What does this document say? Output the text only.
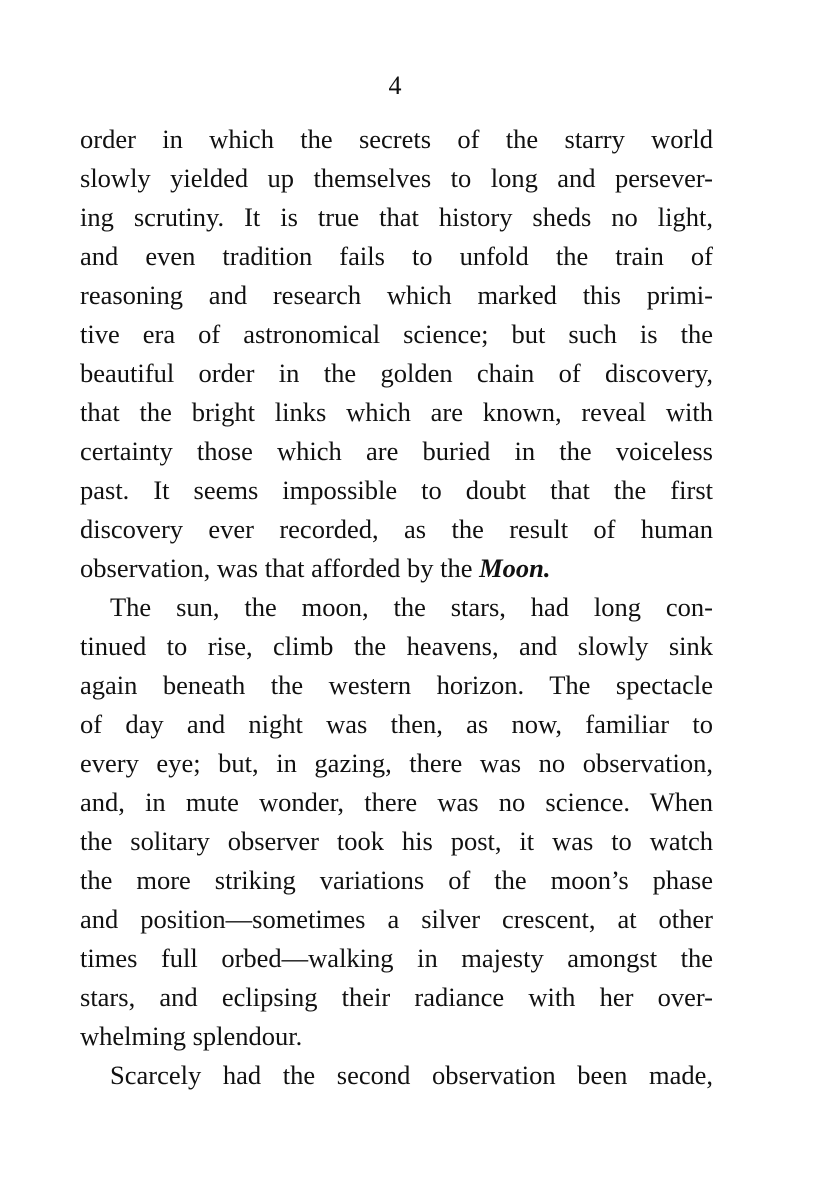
4
order in which the secrets of the starry world
slowly yielded up themselves to long and persever-
ing scrutiny. It is true that history sheds no light,
and even tradition fails to unfold the train of
reasoning and research which marked this primi-
tive era of astronomical science; but such is the
beautiful order in the golden chain of discovery,
that the bright links which are known, reveal with
certainty those which are buried in the voiceless
past. It seems impossible to doubt that the first
discovery ever recorded, as the result of human
observation, was that afforded by the Moon.
The sun, the moon, the stars, had long con-
tinued to rise, climb the heavens, and slowly sink
again beneath the western horizon. The spectacle
of day and night was then, as now, familiar to
every eye; but, in gazing, there was no observation,
and, in mute wonder, there was no science. When
the solitary observer took his post, it was to watch
the more striking variations of the moon’s phase
and position—sometimes a silver crescent, at other
times full orbed—walking in majesty amongst the
stars, and eclipsing their radiance with her over-
whelming splendour.
Scarcely had the second observation been made,
